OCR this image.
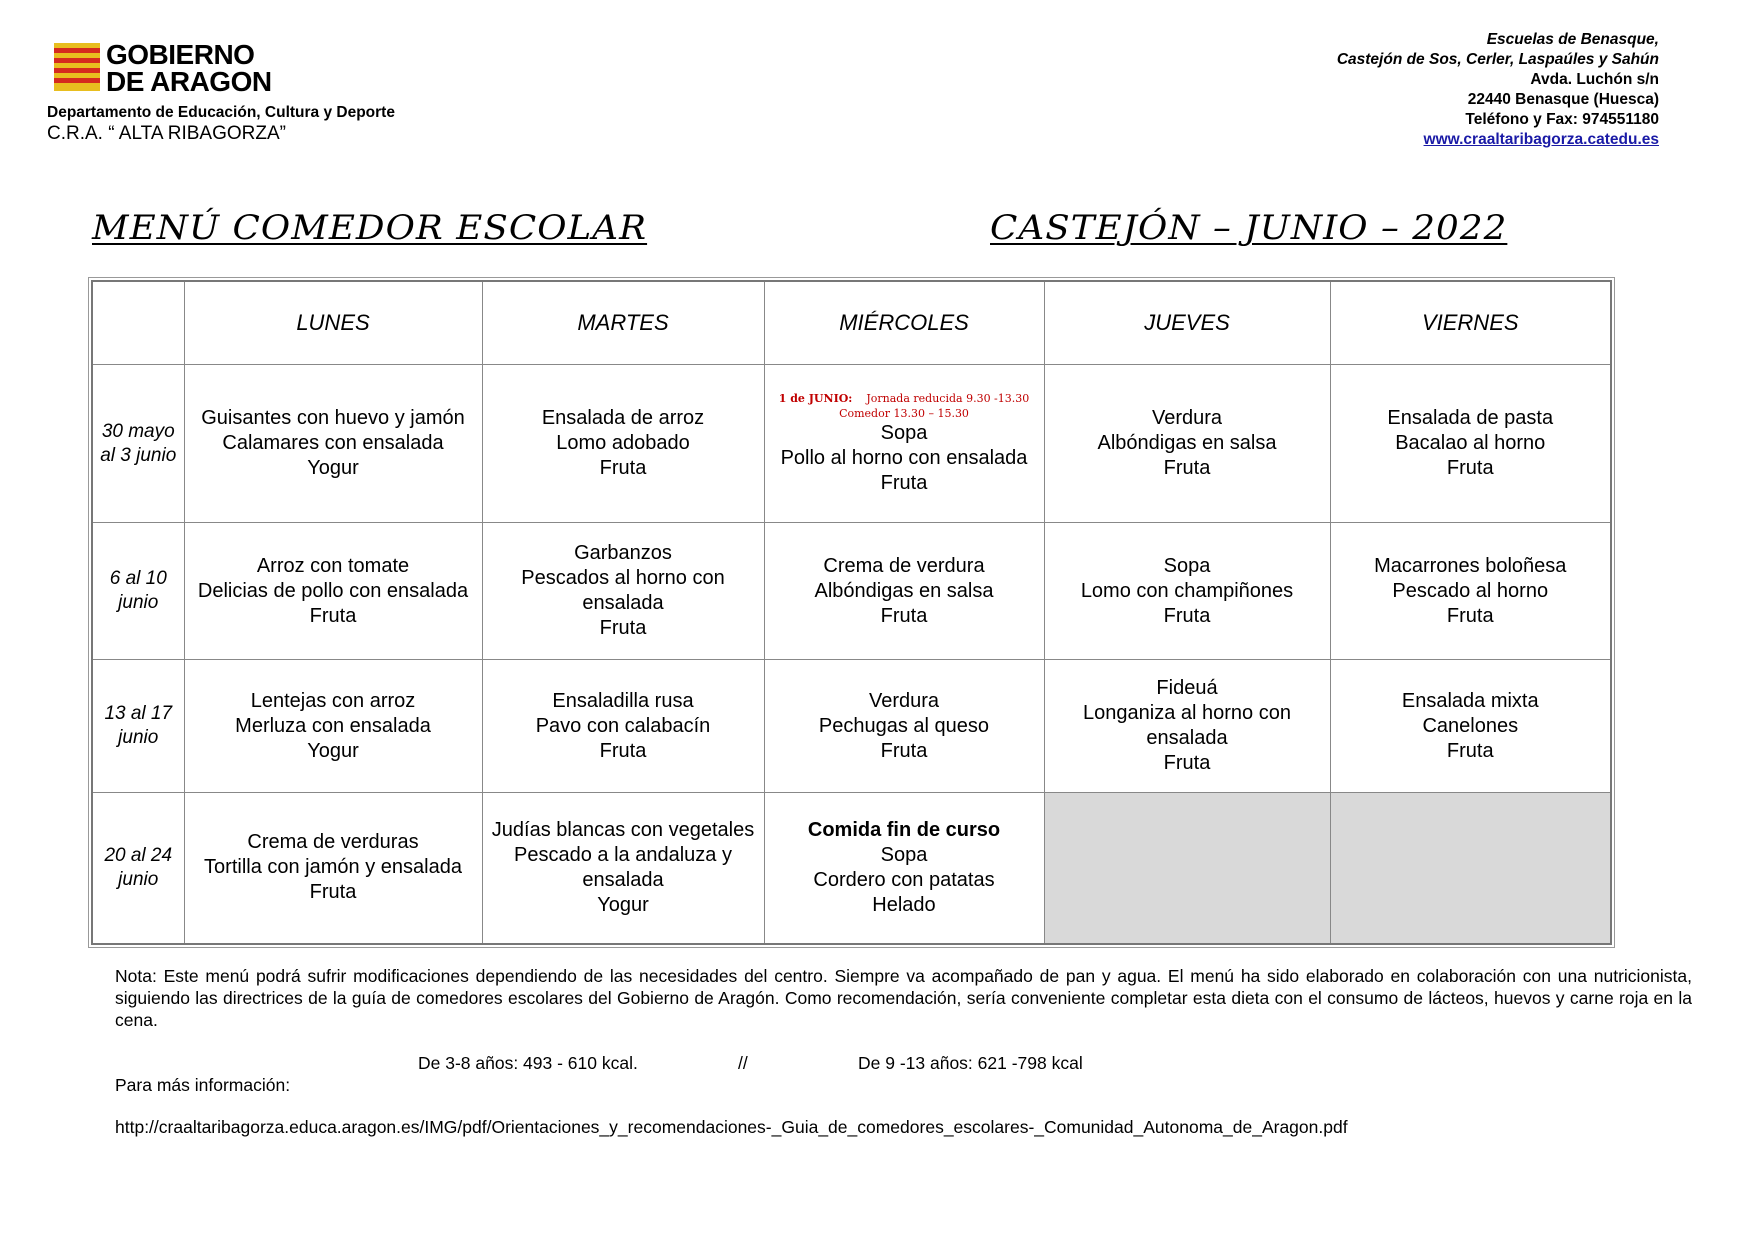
GOBIERNO
DE ARAGON
Departamento de Educación, Cultura y Deporte
C.R.A. “ ALTA RIBAGORZA”
Escuelas de Benasque,
Castejón de Sos, Cerler, Laspaúles y Sahún
Avda. Luchón s/n
22440 Benasque (Huesca)
Teléfono y Fax: 974551180
www.craaltaribagorza.catedu.es
MENÚ COMEDOR ESCOLAR	CASTEJÓN – JUNIO – 2022
	LUNES	MARTES	MIÉRCOLES	JUEVES	VIERNES
30 mayo al 3 junio	Guisantes con huevo y jamón
Calamares con ensalada
Yogur	Ensalada de arroz
Lomo adobado
Fruta	1 de JUNIO: Jornada reducida 9.30 -13.30
Comedor 13.30 – 15.30
Sopa
Pollo al horno con ensalada
Fruta	Verdura
Albóndigas en salsa
Fruta	Ensalada de pasta
Bacalao al horno
Fruta

6 al 10 junio	Arroz con tomate
Delicias de pollo con ensalada
Fruta	Garbanzos
Pescados al horno con ensalada
Fruta	Crema de verdura
Albóndigas en salsa
Fruta	Sopa
Lomo con champiñones
Fruta	Macarrones boloñesa
Pescado al horno
Fruta

13 al 17 junio	Lentejas con arroz
Merluza con ensalada
Yogur	Ensaladilla rusa
Pavo con calabacín
Fruta	Verdura
Pechugas al queso
Fruta	Fideuá
Longaniza al horno con ensalada
Fruta	Ensalada mixta
Canelones
Fruta

20 al 24 junio	Crema de verduras
Tortilla con jamón y ensalada
Fruta	Judías blancas con vegetales
Pescado a la andaluza y ensalada
Yogur	Comida fin de curso
Sopa
Cordero con patatas
Helado		

Nota: Este menú podrá sufrir modificaciones dependiendo de las necesidades del centro. Siempre va acompañado de pan y agua. El menú ha sido elaborado en colaboración con una nutricionista, siguiendo las directrices de la guía de comedores escolares del Gobierno de Aragón. Como recomendación, sería conveniente completar esta dieta con el consumo de lácteos, huevos y carne roja en la cena.
De 3-8 años: 493 - 610 kcal.	//	De 9 -13 años: 621 -798 kcal
Para más información:
http://craaltaribagorza.educa.aragon.es/IMG/pdf/Orientaciones_y_recomendaciones-_Guia_de_comedores_escolares-_Comunidad_Autonoma_de_Aragon.pdf
